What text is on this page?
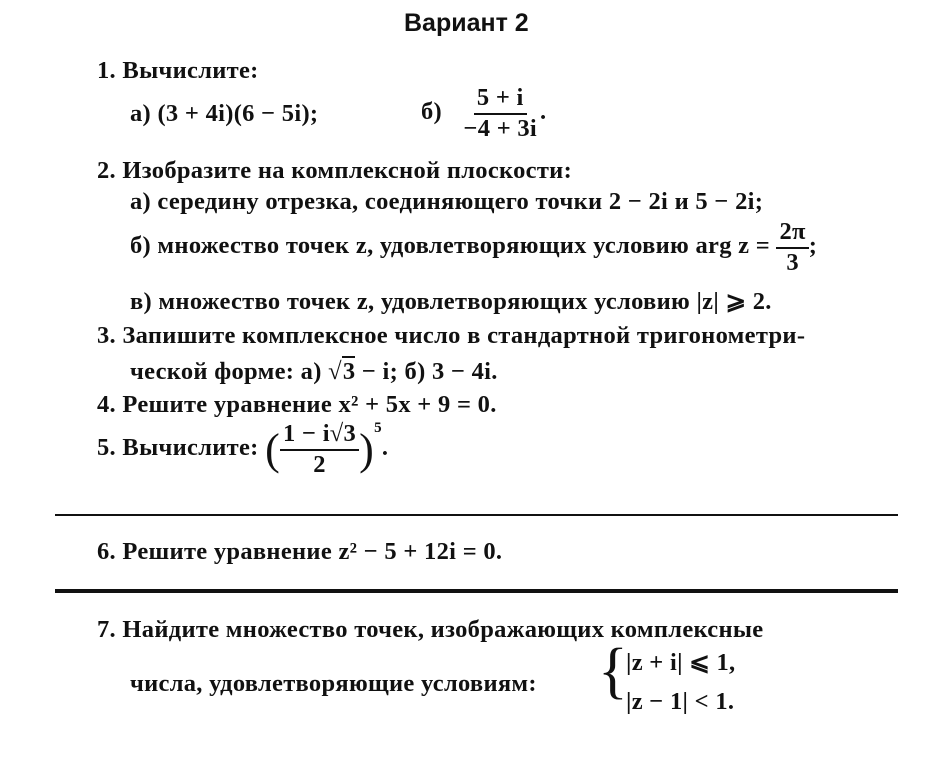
Вариант 2
1. Вычислите:
а) (3 + 4i)(6 − 5i);	$б) \frac{5 + i}{-4 + 3i}$ .
2. Изобразите на комплексной плоскости:
а) середину отрезка, соединяющего точки 2 − 2i и 5 − 2i;
б) множество точек z, удовлетворяющих условию arg $z = \frac{2\pi}{3}$ ;
в) множество точек z, удовлетворяющих условию |z| ⩾ 2.
3. Запишите комплексное число в стандартной тригонометри-
ческой форме: а) √3 − i; б) 3 − 4i.
4. Решите уравнение x² + 5x + 9 = 0.
5. Вычислите: ( $\frac{1 - i√3}{2} )^5$.
6. Решите уравнение z² − 5 + 12i = 0.
7. Найдите множество точек, изображающих комплексные
числа, удовлетворяющие условиям: {
|z + i| ⩽ 1,
|z − 1| < 1.
